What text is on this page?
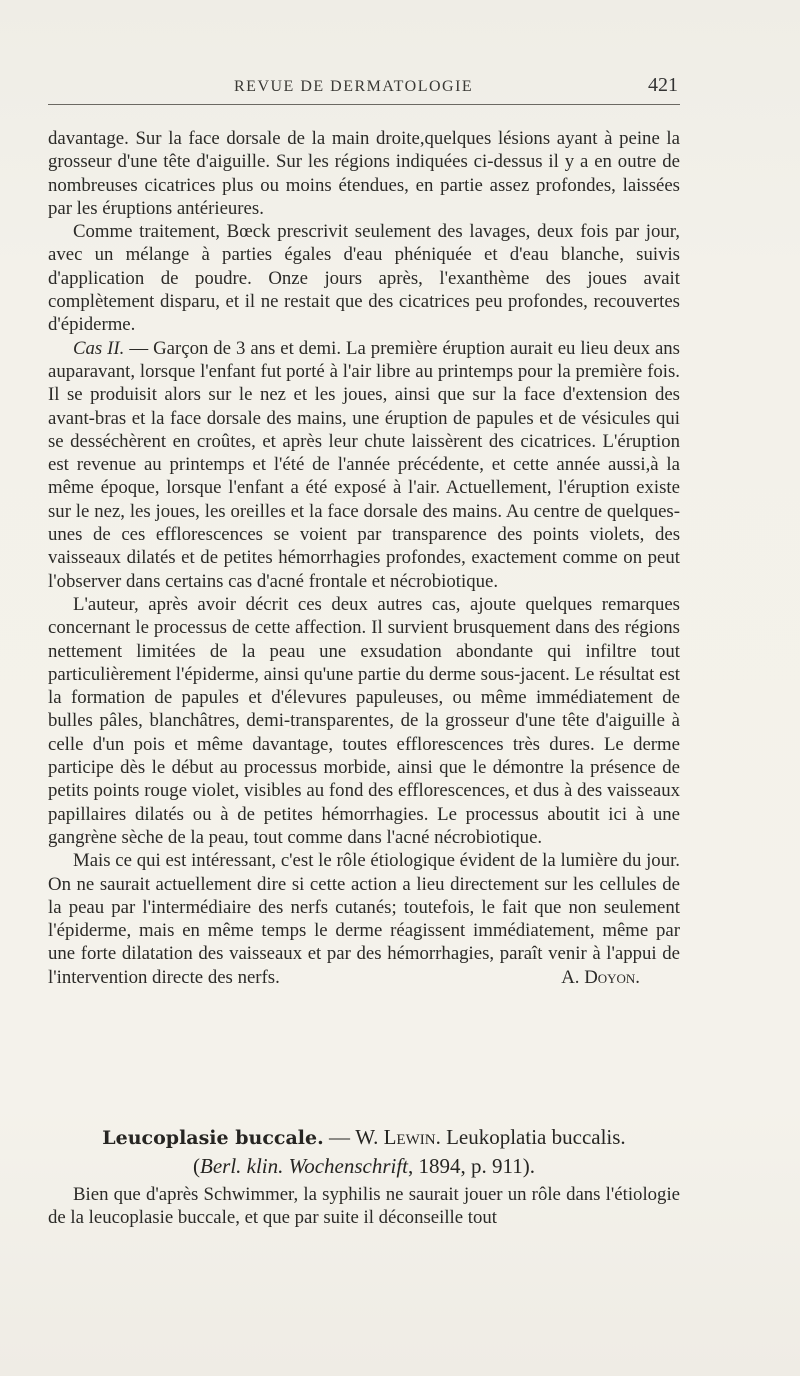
REVUE DE DERMATOLOGIE	421

davantage. Sur la face dorsale de la main droite,quelques lésions ayant à peine la grosseur d'une tête d'aiguille. Sur les régions indiquées ci-dessus il y a en outre de nombreuses cicatrices plus ou moins étendues, en partie assez profondes, laissées par les éruptions antérieures.

Comme traitement, Bœck prescrivit seulement des lavages, deux fois par jour, avec un mélange à parties égales d'eau phéniquée et d'eau blanche, suivis d'application de poudre. Onze jours après, l'exanthème des joues avait complètement disparu, et il ne restait que des cicatrices peu profondes, recouvertes d'épiderme.

Cas II. — Garçon de 3 ans et demi. La première éruption aurait eu lieu deux ans auparavant, lorsque l'enfant fut porté à l'air libre au printemps pour la première fois. Il se produisit alors sur le nez et les joues, ainsi que sur la face d'extension des avant-bras et la face dorsale des mains, une éruption de papules et de vésicules qui se desséchèrent en croûtes, et après leur chute laissèrent des cicatrices. L'éruption est revenue au printemps et l'été de l'année précédente, et cette année aussi,à la même époque, lorsque l'enfant a été exposé à l'air. Actuellement, l'éruption existe sur le nez, les joues, les oreilles et la face dorsale des mains. Au centre de quelques-unes de ces efflorescences se voient par transparence des points violets, des vaisseaux dilatés et de petites hémorrhagies profondes, exactement comme on peut l'observer dans certains cas d'acné frontale et nécrobiotique.

L'auteur, après avoir décrit ces deux autres cas, ajoute quelques remarques concernant le processus de cette affection. Il survient brusquement dans des régions nettement limitées de la peau une exsudation abondante qui infiltre tout particulièrement l'épiderme, ainsi qu'une partie du derme sous-jacent. Le résultat est la formation de papules et d'élevures papuleuses, ou même immédiatement de bulles pâles, blanchâtres, demi-transparentes, de la grosseur d'une tête d'aiguille à celle d'un pois et même davantage, toutes efflorescences très dures. Le derme participe dès le début au processus morbide, ainsi que le démontre la présence de petits points rouge violet, visibles au fond des efflorescences, et dus à des vaisseaux papillaires dilatés ou à de petites hémorrhagies. Le processus aboutit ici à une gangrène sèche de la peau, tout comme dans l'acné nécrobiotique.

Mais ce qui est intéressant, c'est le rôle étiologique évident de la lumière du jour. On ne saurait actuellement dire si cette action a lieu directement sur les cellules de la peau par l'intermédiaire des nerfs cutanés; toutefois, le fait que non seulement l'épiderme, mais en même temps le derme réagissent immédiatement, même par une forte dilatation des vaisseaux et par des hémorrhagies, paraît venir à l'appui de l'intervention directe des nerfs.	A. Doyon.

Leucoplasie buccale. — W. Lewin. Leukoplatia buccalis.
(Berl. klin. Wochenschrift, 1894, p. 911).

Bien que d'après Schwimmer, la syphilis ne saurait jouer un rôle dans l'étiologie de la leucoplasie buccale, et que par suite il déconseille tout
